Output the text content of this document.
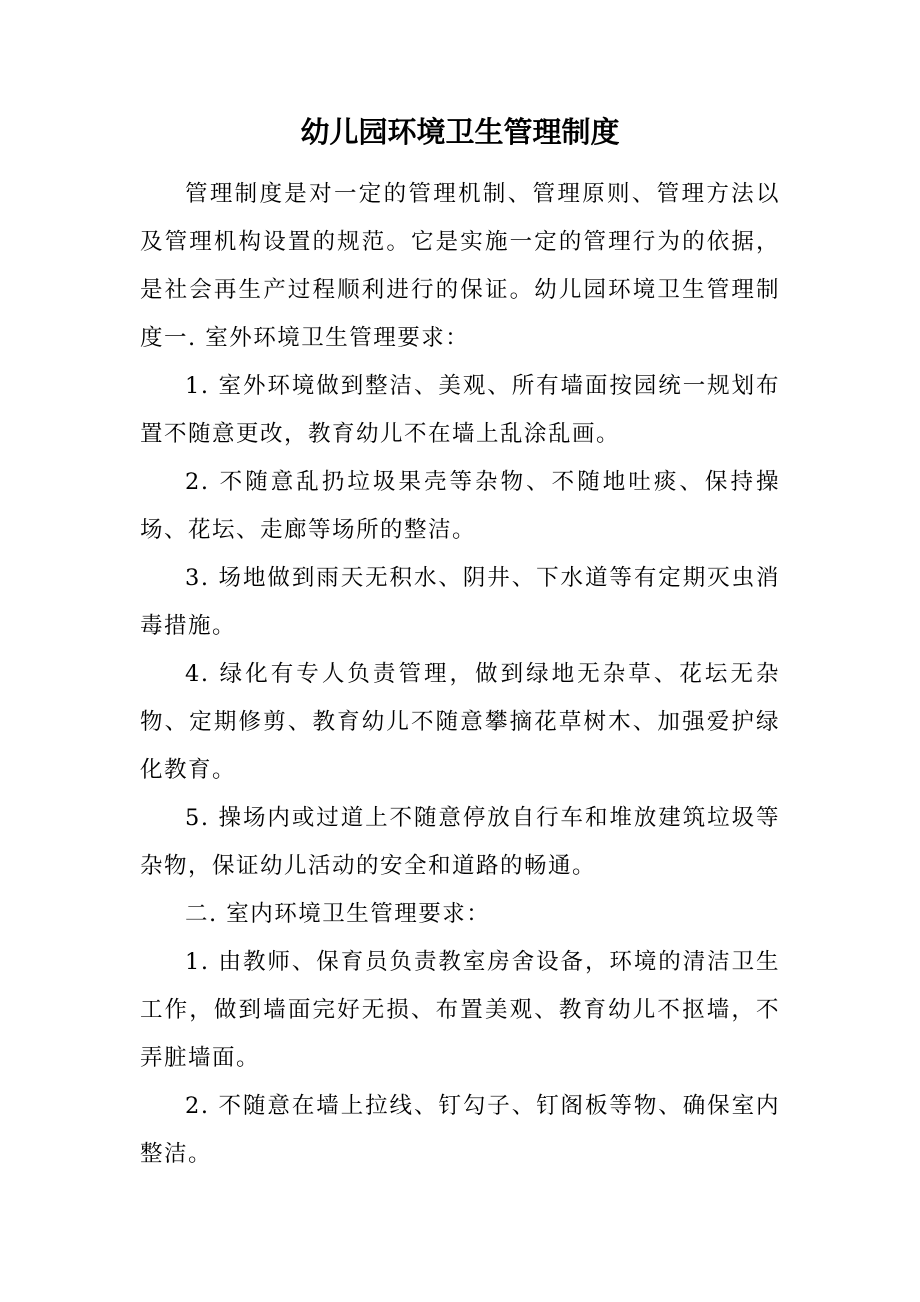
幼儿园环境卫生管理制度

管理制度是对一定的管理机制、管理原则、管理方法以及管理机构设置的规范。它是实施一定的管理行为的依据，是社会再生产过程顺利进行的保证。幼儿园环境卫生管理制度一. 室外环境卫生管理要求：

1. 室外环境做到整洁、美观、所有墙面按园统一规划布置不随意更改，教育幼儿不在墙上乱涂乱画。

2. 不随意乱扔垃圾果壳等杂物、不随地吐痰、保持操场、花坛、走廊等场所的整洁。

3. 场地做到雨天无积水、阴井、下水道等有定期灭虫消毒措施。

4. 绿化有专人负责管理，做到绿地无杂草、花坛无杂物、定期修剪、教育幼儿不随意攀摘花草树木、加强爱护绿化教育。

5. 操场内或过道上不随意停放自行车和堆放建筑垃圾等杂物，保证幼儿活动的安全和道路的畅通。

二. 室内环境卫生管理要求：

1. 由教师、保育员负责教室房舍设备，环境的清洁卫生工作，做到墙面完好无损、布置美观、教育幼儿不抠墙，不弄脏墙面。

2. 不随意在墙上拉线、钉勾子、钉阁板等物、确保室内整洁。
